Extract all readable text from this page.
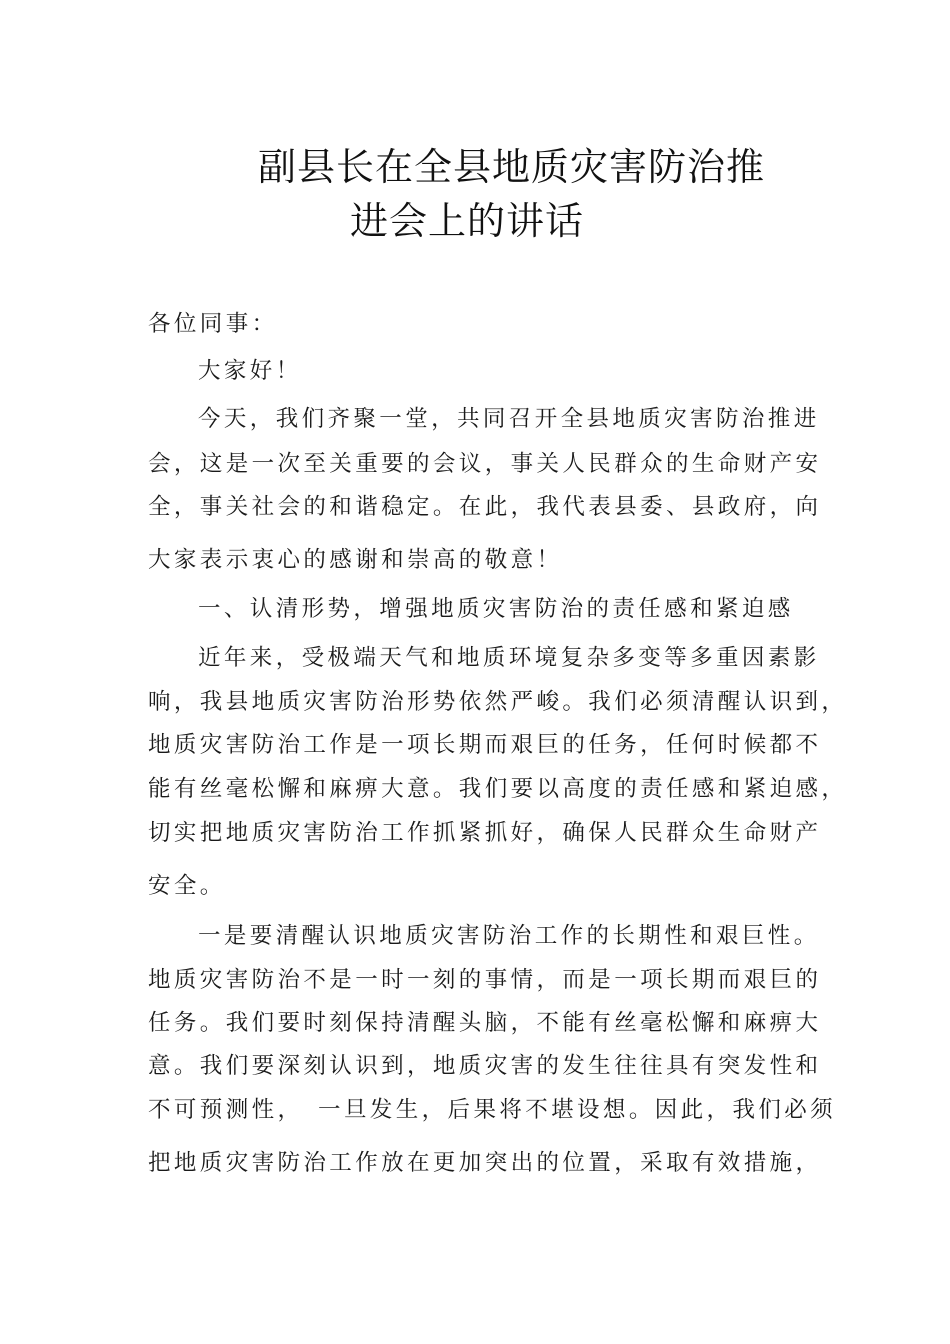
副县长在全县地质灾害防治推
进会上的讲话
各位同事：
大家好！
今天，我们齐聚一堂，共同召开全县地质灾害防治推进
会，这是一次至关重要的会议，事关人民群众的生命财产安
全，事关社会的和谐稳定。在此，我代表县委、县政府，向
大家表示衷心的感谢和崇高的敬意！
一、认清形势，增强地质灾害防治的责任感和紧迫感
近年来，受极端天气和地质环境复杂多变等多重因素影
响，我县地质灾害防治形势依然严峻。我们必须清醒认识到，
地质灾害防治工作是一项长期而艰巨的任务，任何时候都不
能有丝毫松懈和麻痹大意。我们要以高度的责任感和紧迫感，
切实把地质灾害防治工作抓紧抓好，确保人民群众生命财产
安全。
一是要清醒认识地质灾害防治工作的长期性和艰巨性。
地质灾害防治不是一时一刻的事情，而是一项长期而艰巨的
任务。我们要时刻保持清醒头脑，不能有丝毫松懈和麻痹大
意。我们要深刻认识到，地质灾害的发生往往具有突发性和
不可预测性，　一旦发生，后果将不堪设想。因此，我们必须
把地质灾害防治工作放在更加突出的位置，采取有效措施，
